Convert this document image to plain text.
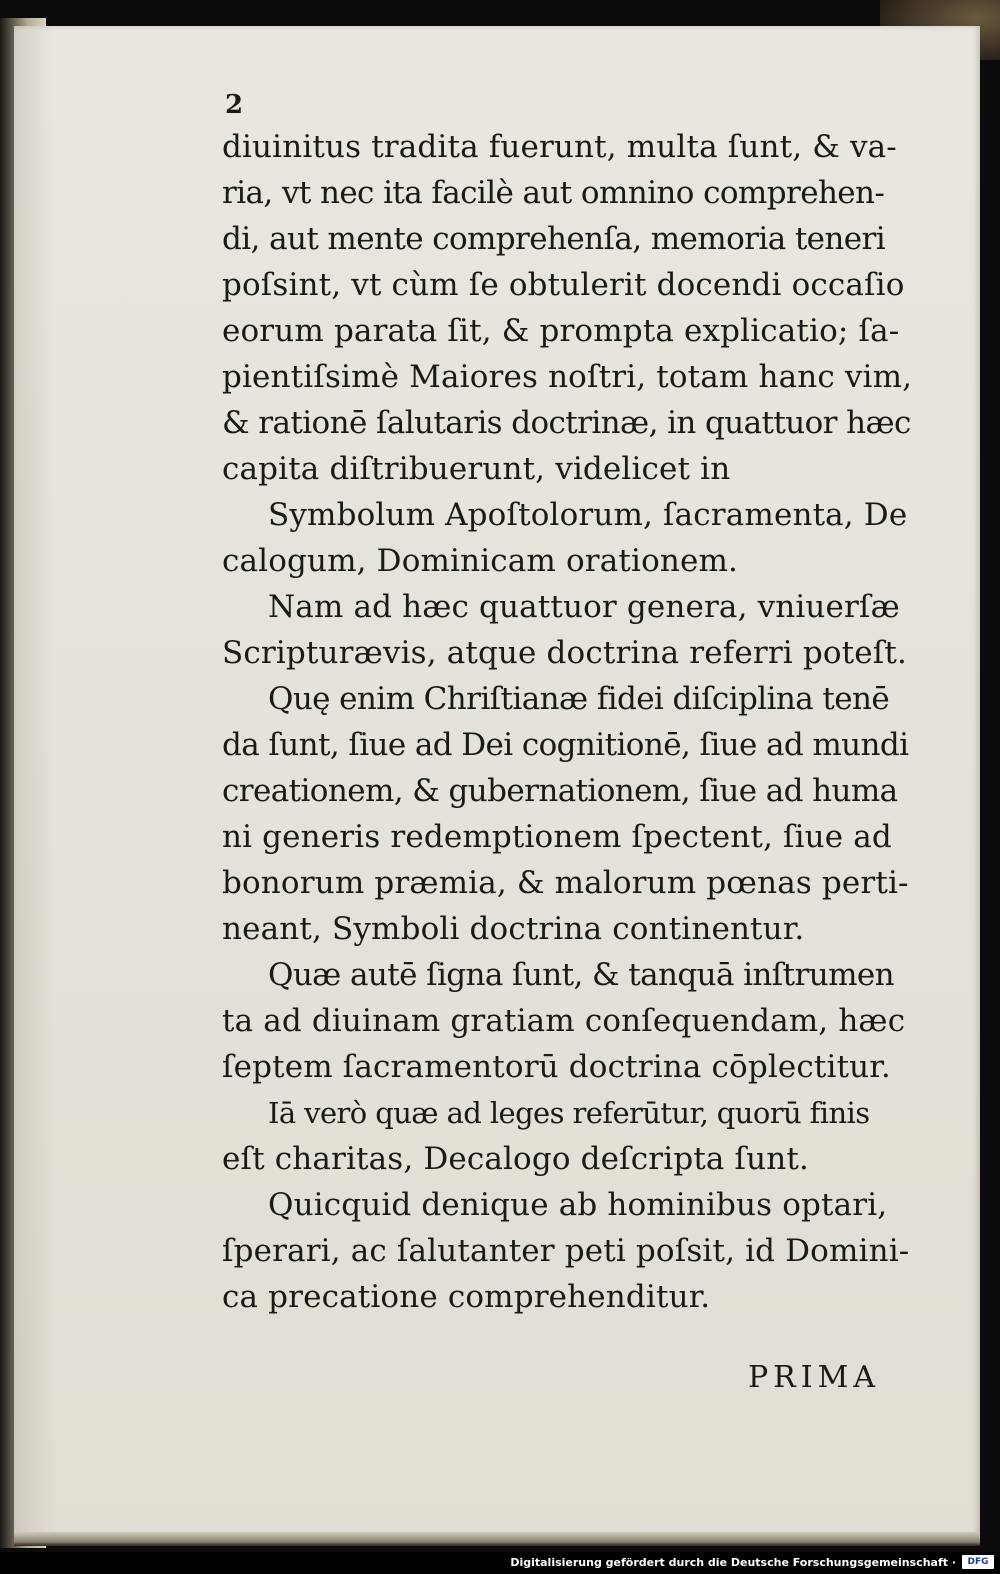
2
diuinitus tradita fuerunt, multa ſunt, & va-
ria, vt nec ita facilè aut omnino comprehen-
di, aut mente comprehenſa, memoria teneri
poſsint, vt cùm ſe obtulerit docendi occaſio
eorum parata ſit, & prompta explicatio; ſa-
pientiſsimè Maiores noſtri, totam hanc vim,
& rationē ſalutaris doctrinæ, in quattuor hæc
capita diſtribuerunt, videlicet in
Symbolum Apoſtolorum, ſacramenta, De
calogum, Dominicam orationem.
Nam ad hæc quattuor genera, vniuerſæ
Scripturævis, atque doctrina referri poteſt.
Quę enim Chriſtianæ fidei diſciplina tenē
da ſunt, ſiue ad Dei cognitionē, ſiue ad mundi
creationem, & gubernationem, ſiue ad huma
ni generis redemptionem ſpectent, ſiue ad
bonorum præmia, & malorum pœnas perti-
neant, Symboli doctrina continentur.
Quæ autē ſigna ſunt, & tanquā inſtrumen
ta ad diuinam gratiam conſequendam, hæc
ſeptem ſacramentorū doctrina cōplectitur.
Iā verò quæ ad leges referūtur, quorū finis
eſt charitas, Decalogo deſcripta ſunt.
Quicquid denique ab hominibus optari,
ſperari, ac ſalutanter peti poſsit, id Domini-
ca precatione comprehenditur.
PRIMA
Digitalisierung gefördert durch die Deutsche Forschungsgemeinschaft ·	DFG
